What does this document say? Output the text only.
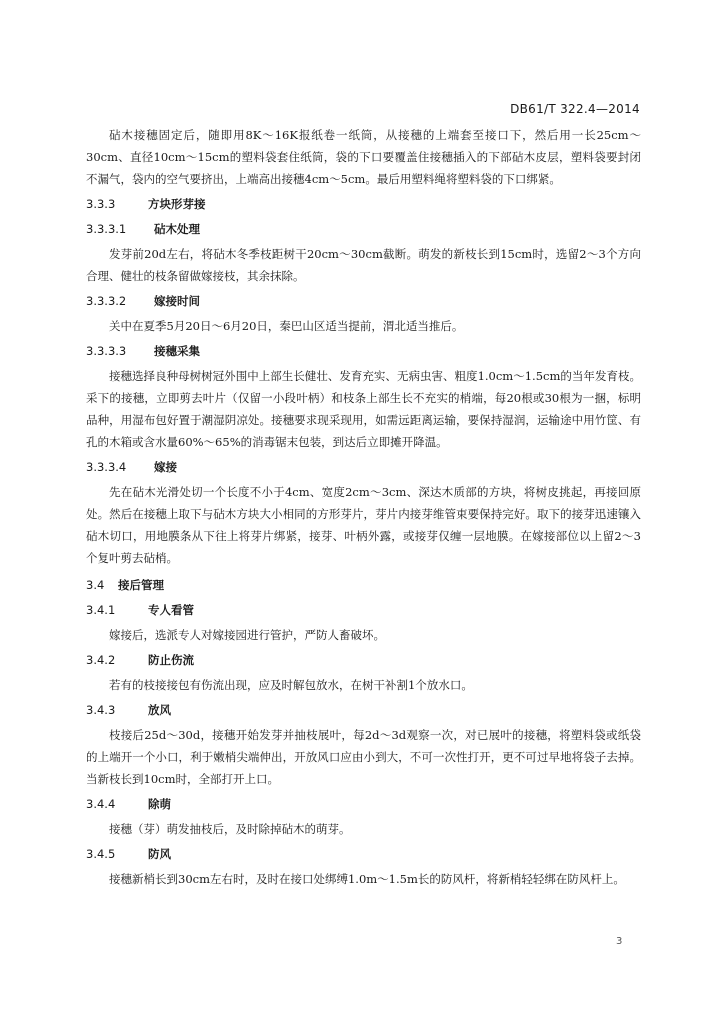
DB61/T 322.4—2014

砧木接穗固定后，随即用8K～16K报纸卷一纸筒，从接穗的上端套至接口下，然后用一长25cm～30cm、直径10cm～15cm的塑料袋套住纸筒，袋的下口要覆盖住接穗插入的下部砧木皮层，塑料袋要封闭不漏气，袋内的空气要挤出，上端高出接穗4cm～5cm。最后用塑料绳将塑料袋的下口绑紧。

3.3.3	方块形芽接
3.3.3.1	砧木处理

发芽前20d左右，将砧木冬季枝距树干20cm～30cm截断。萌发的新枝长到15cm时，选留2～3个方向合理、健壮的枝条留做嫁接枝，其余抹除。

3.3.3.2	嫁接时间

关中在夏季5月20日～6月20日，秦巴山区适当提前，渭北适当推后。

3.3.3.3	接穗采集

接穗选择良种母树树冠外围中上部生长健壮、发育充实、无病虫害、粗度1.0cm～1.5cm的当年发育枝。采下的接穗，立即剪去叶片（仅留一小段叶柄）和枝条上部生长不充实的梢端，每20根或30根为一捆，标明品种，用湿布包好置于潮湿阴凉处。接穗要求现采现用，如需远距离运输，要保持湿润，运输途中用竹筐、有孔的木箱或含水量60%～65%的消毒锯末包装，到达后立即摊开降温。

3.3.3.4	嫁接

先在砧木光滑处切一个长度不小于4cm、宽度2cm～3cm、深达木质部的方块，将树皮挑起，再接回原处。然后在接穗上取下与砧木方块大小相同的方形芽片，芽片内接芽维管束要保持完好。取下的接芽迅速镶入砧木切口，用地膜条从下往上将芽片绑紧，接芽、叶柄外露，或接芽仅缠一层地膜。在嫁接部位以上留2～3个复叶剪去砧梢。

3.4	接后管理
3.4.1	专人看管

嫁接后，选派专人对嫁接园进行管护，严防人畜破坏。

3.4.2	防止伤流

若有的枝接接包有伤流出现，应及时解包放水，在树干补割1个放水口。

3.4.3	放风

枝接后25d～30d，接穗开始发芽并抽枝展叶，每2d～3d观察一次，对已展叶的接穗，将塑料袋或纸袋的上端开一个小口，利于嫩梢尖端伸出，开放风口应由小到大，不可一次性打开，更不可过早地将袋子去掉。当新枝长到10cm时，全部打开上口。

3.4.4	除萌

接穗（芽）萌发抽枝后，及时除掉砧木的萌芽。

3.4.5	防风

接穗新梢长到30cm左右时，及时在接口处绑缚1.0m～1.5m长的防风杆，将新梢轻轻绑在防风杆上。

3
